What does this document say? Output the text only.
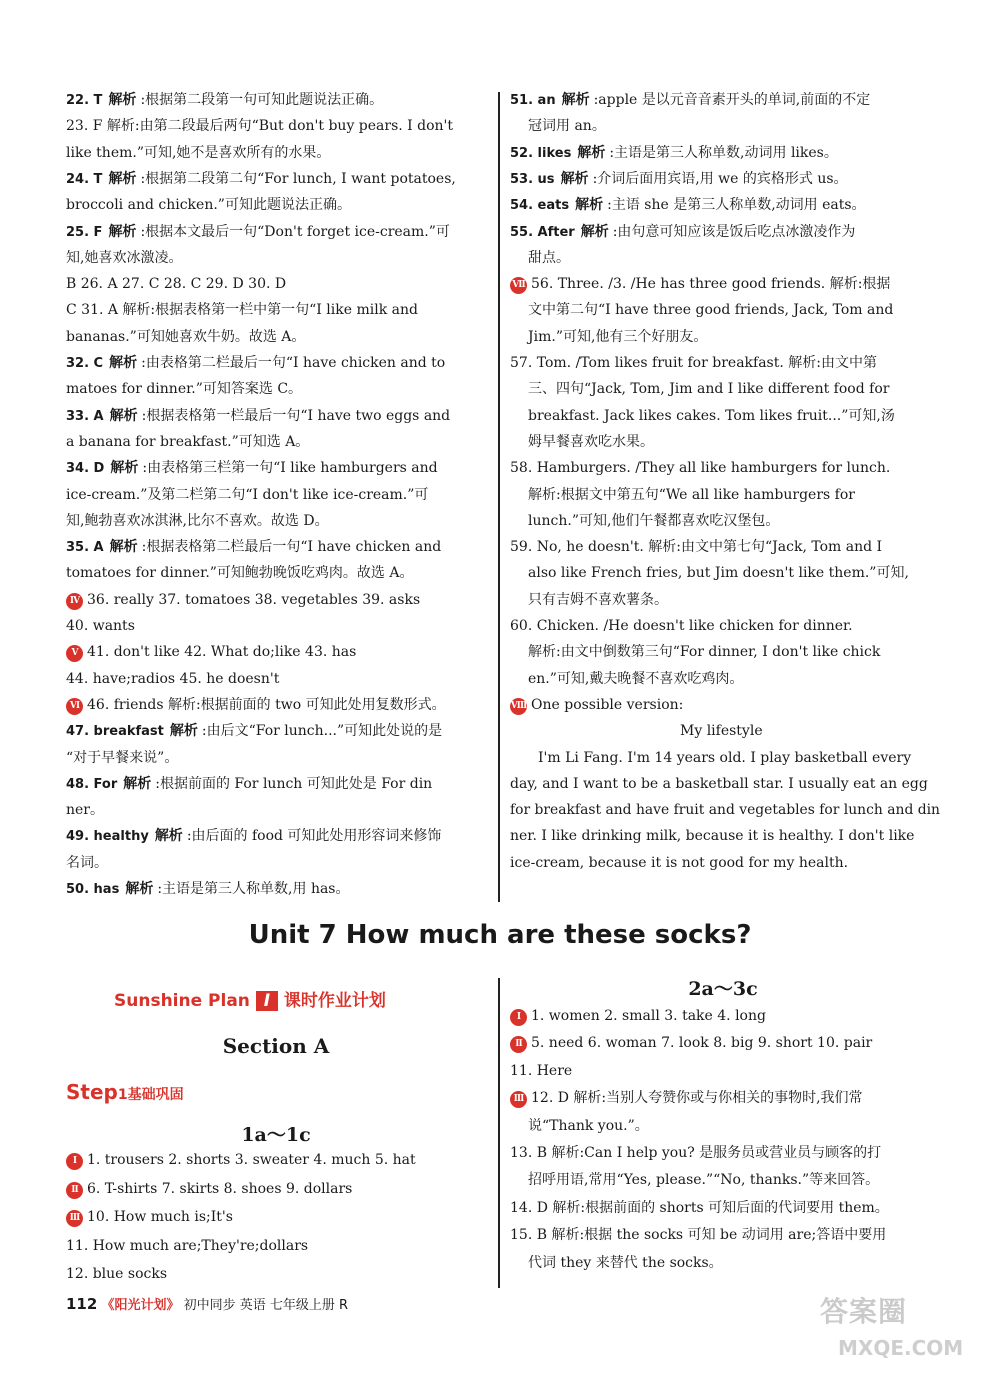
22. T 解析 :根据第二段第一句可知此题说法正确。
23. F 解析:由第二段最后两句“But don't buy pears. I don't
like them.”可知,她不是喜欢所有的水果。
24. T 解析 :根据第二段第二句“For lunch, I want potatoes,
broccoli and chicken.”可知此题说法正确。
25. F 解析 :根据本文最后一句“Don't forget ice-cream.”可
知,她喜欢冰激凌。
B 26. A 27. C 28. C 29. D 30. D
C 31. A 解析:根据表格第一栏中第一句“I like milk and
bananas.”可知她喜欢牛奶。故选 A。
32. C 解析 :由表格第二栏最后一句“I have chicken and to
matoes for dinner.”可知答案选 C。
33. A 解析 :根据表格第一栏最后一句“I have two eggs and
a banana for breakfast.”可知选 A。
34. D 解析 :由表格第三栏第一句“I like hamburgers and
ice-cream.”及第二栏第二句“I don't like ice-cream.”可
知,鲍勃喜欢冰淇淋,比尔不喜欢。故选 D。
35. A 解析 :根据表格第二栏最后一句“I have chicken and
tomatoes for dinner.”可知鲍勃晚饭吃鸡肉。故选 A。
IV 36. really 37. tomatoes 38. vegetables 39. asks
40. wants
V 41. don't like 42. What do;like 43. has
44. have;radios 45. he doesn't
VI 46. friends 解析:根据前面的 two 可知此处用复数形式。
47. breakfast 解析 :由后文“For lunch...”可知此处说的是
“对于早餐来说”。
48. For 解析 :根据前面的 For lunch 可知此处是 For din
ner。
49. healthy 解析 :由后面的 food 可知此处用形容词来修饰
名词。
50. has 解析 :主语是第三人称单数,用 has。
51. an 解析 :apple 是以元音音素开头的单词,前面的不定
冠词用 an。
52. likes 解析 :主语是第三人称单数,动词用 likes。
53. us 解析 :介词后面用宾语,用 we 的宾格形式 us。
54. eats 解析 :主语 she 是第三人称单数,动词用 eats。
55. After 解析 :由句意可知应该是饭后吃点冰激凌作为
甜点。
VII 56. Three. /3. /He has three good friends. 解析:根据
文中第二句“I have three good friends, Jack, Tom and
Jim.”可知,他有三个好朋友。
57. Tom. /Tom likes fruit for breakfast. 解析:由文中第
三、四句“Jack, Tom, Jim and I like different food for
breakfast. Jack likes cakes. Tom likes fruit...”可知,汤
姆早餐喜欢吃水果。
58. Hamburgers. /They all like hamburgers for lunch.
解析:根据文中第五句“We all like hamburgers for
lunch.”可知,他们午餐都喜欢吃汉堡包。
59. No, he doesn't. 解析:由文中第七句“Jack, Tom and I
also like French fries, but Jim doesn't like them.”可知,
只有吉姆不喜欢薯条。
60. Chicken. /He doesn't like chicken for dinner.
解析:由文中倒数第三句“For dinner, I don't like chick
en.”可知,戴夫晚餐不喜欢吃鸡肉。
VIII One possible version:
My lifestyle
I'm Li Fang. I'm 14 years old. I play basketball every
day, and I want to be a basketball star. I usually eat an egg
for breakfast and have fruit and vegetables for lunch and din
ner. I like drinking milk, because it is healthy. I don't like
ice-cream, because it is not good for my health.
Unit 7 How much are these socks?
Sunshine Plan I 课时作业计划
Section A
Step1基础巩固
1a～1c
2a～3c
I 1. trousers 2. shorts 3. sweater 4. much 5. hat
II 6. T-shirts 7. skirts 8. shoes 9. dollars
III 10. How much is;It's
11. How much are;They're;dollars
12. blue socks
I 1. women 2. small 3. take 4. long
II 5. need 6. woman 7. look 8. big 9. short 10. pair
11. Here
III 12. D 解析:当别人夸赞你或与你相关的事物时,我们常
说“Thank you.”。
13. B 解析:Can I help you? 是服务员或营业员与顾客的打
招呼用语,常用“Yes, please.”“No, thanks.”等来回答。
14. D 解析:根据前面的 shorts 可知后面的代词要用 them。
15. B 解析:根据 the socks 可知 be 动词用 are;答语中要用
代词 they 来替代 the socks。
112 《阳光计划》 初中同步 英语 七年级上册 R	答案圈
MXQE.COM
